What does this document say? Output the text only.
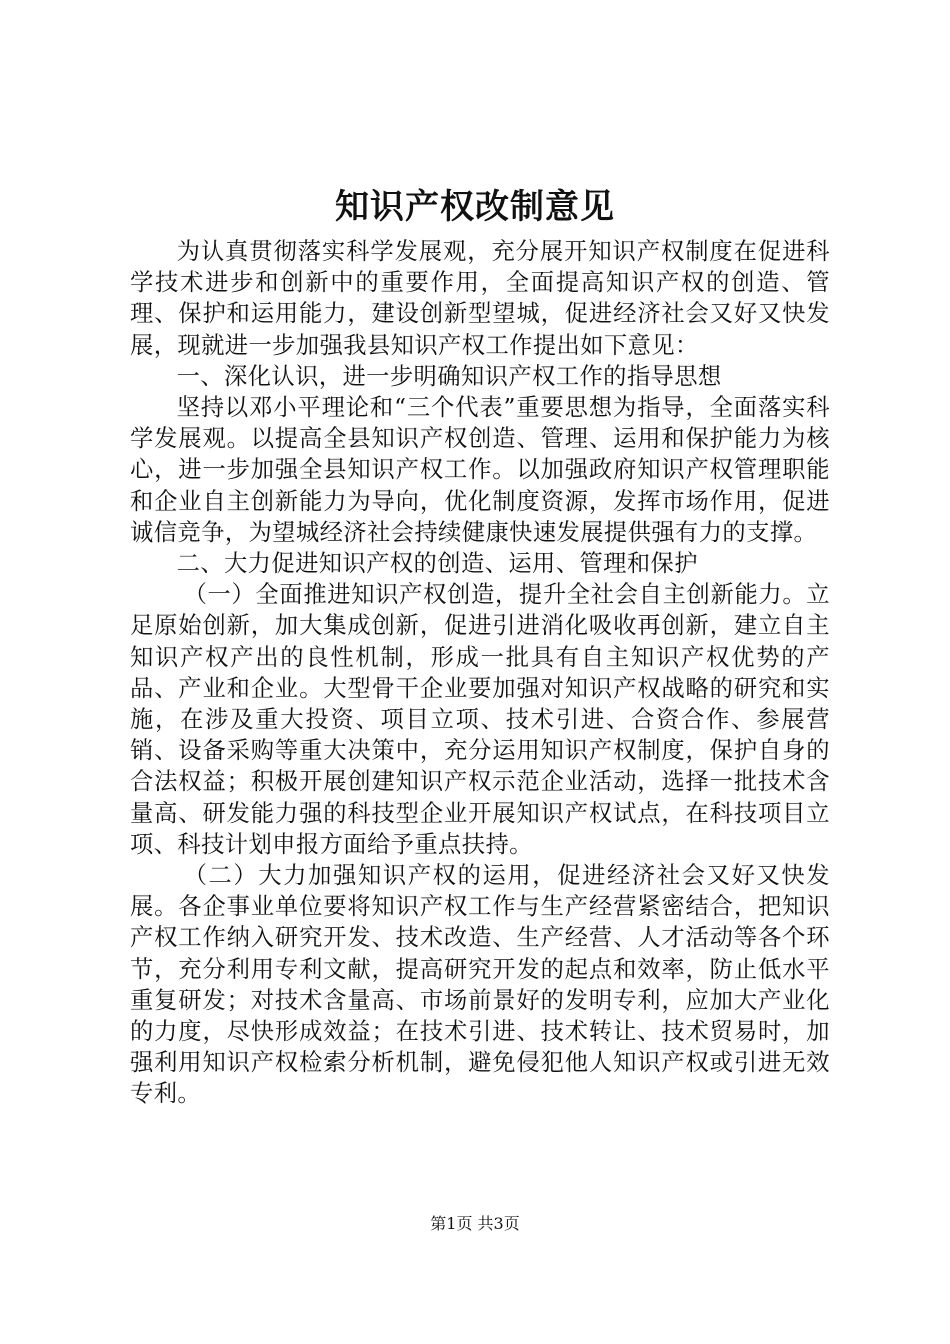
知识产权改制意见

为认真贯彻落实科学发展观，充分展开知识产权制度在促进科学技术进步和创新中的重要作用，全面提高知识产权的创造、管理、保护和运用能力，建设创新型望城，促进经济社会又好又快发展，现就进一步加强我县知识产权工作提出如下意见：

一、深化认识，进一步明确知识产权工作的指导思想

坚持以邓小平理论和“三个代表”重要思想为指导，全面落实科学发展观。以提高全县知识产权创造、管理、运用和保护能力为核心，进一步加强全县知识产权工作。以加强政府知识产权管理职能和企业自主创新能力为导向，优化制度资源，发挥市场作用，促进诚信竞争，为望城经济社会持续健康快速发展提供强有力的支撑。

二、大力促进知识产权的创造、运用、管理和保护

（一）全面推进知识产权创造，提升全社会自主创新能力。立足原始创新，加大集成创新，促进引进消化吸收再创新，建立自主知识产权产出的良性机制，形成一批具有自主知识产权优势的产品、产业和企业。大型骨干企业要加强对知识产权战略的研究和实施，在涉及重大投资、项目立项、技术引进、合资合作、参展营销、设备采购等重大决策中，充分运用知识产权制度，保护自身的合法权益；积极开展创建知识产权示范企业活动，选择一批技术含量高、研发能力强的科技型企业开展知识产权试点，在科技项目立项、科技计划申报方面给予重点扶持。

（二）大力加强知识产权的运用，促进经济社会又好又快发展。各企事业单位要将知识产权工作与生产经营紧密结合，把知识产权工作纳入研究开发、技术改造、生产经营、人才活动等各个环节，充分利用专利文献，提高研究开发的起点和效率，防止低水平重复研发；对技术含量高、市场前景好的发明专利，应加大产业化的力度，尽快形成效益；在技术引进、技术转让、技术贸易时，加强利用知识产权检索分析机制，避免侵犯他人知识产权或引进无效专利。

第1页 共3页
